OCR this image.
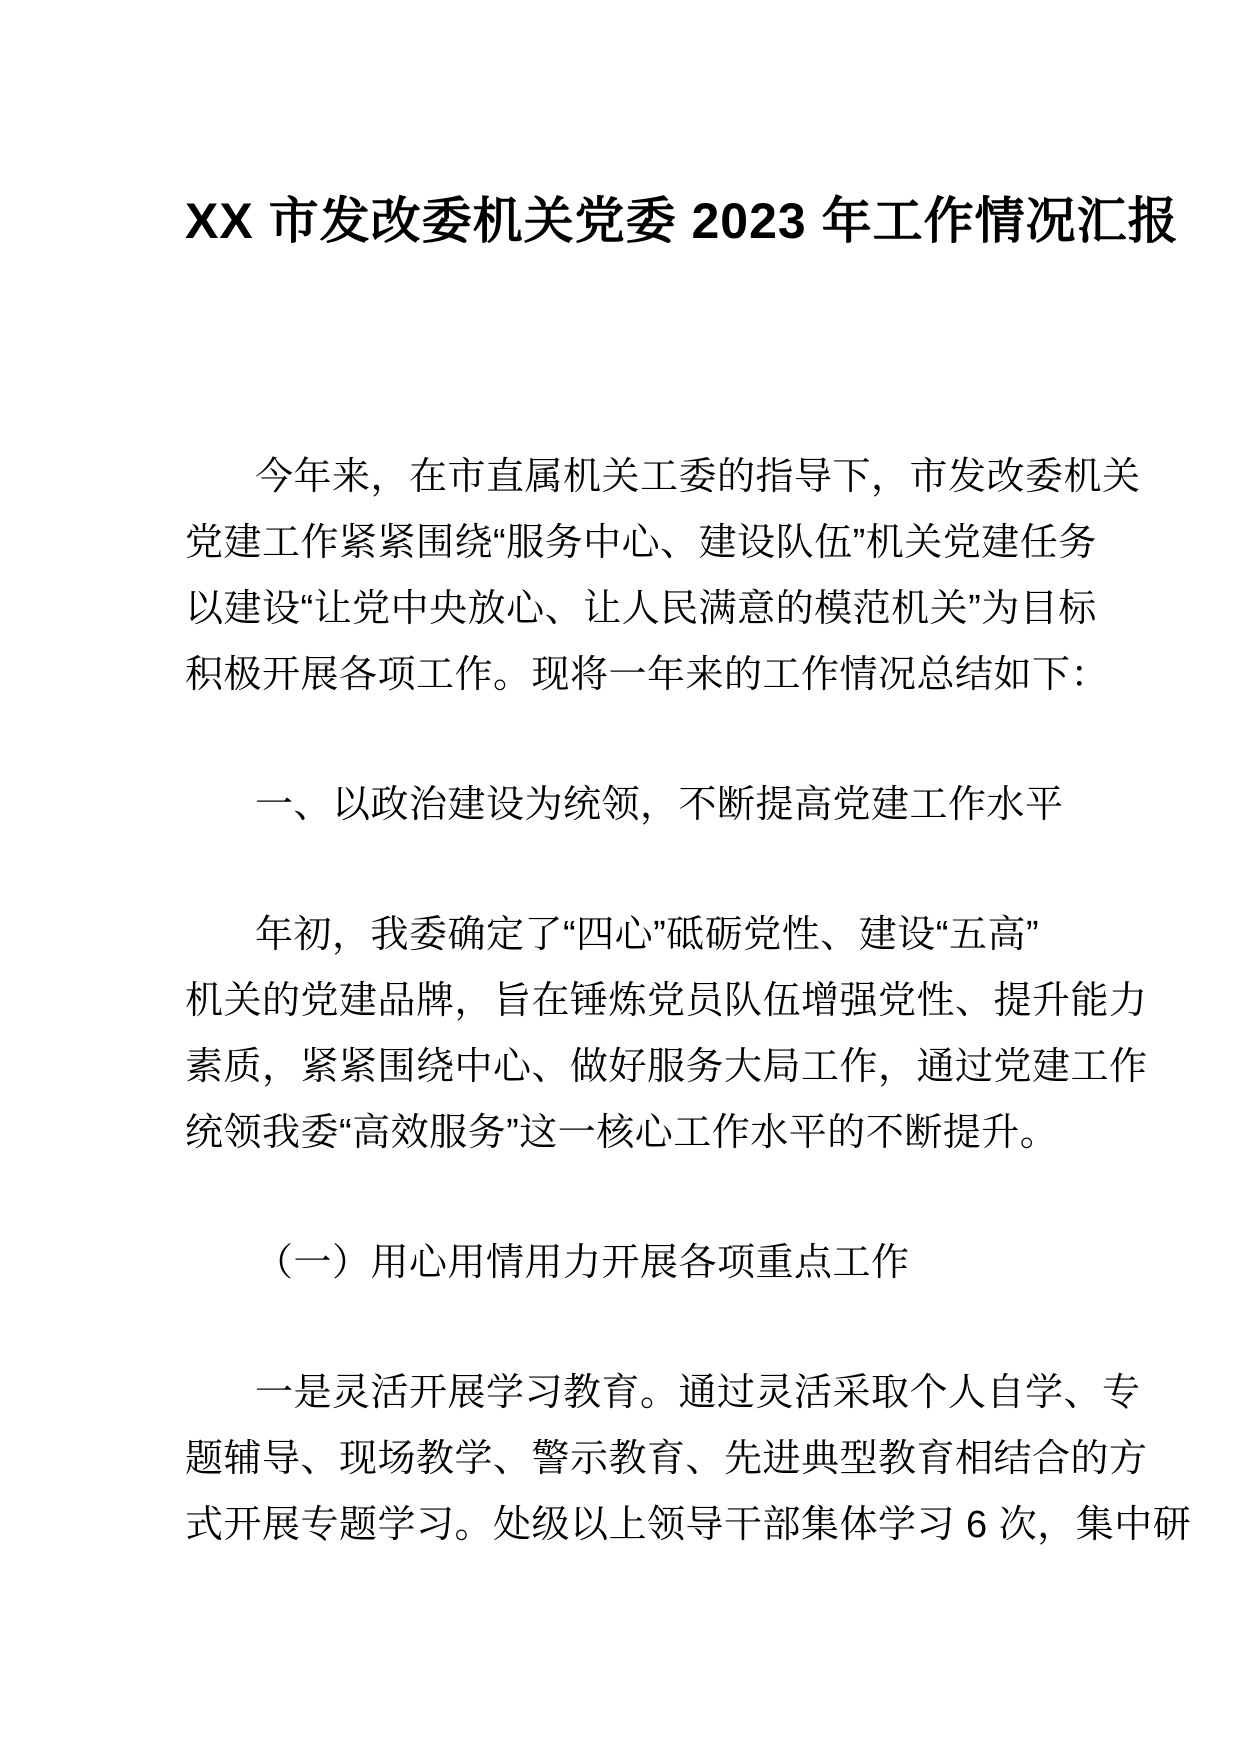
XX 市发改委机关党委 2023 年工作情况汇报
今年来，在市直属机关工委的指导下，市发改委机关
党建工作紧紧围绕“服务中心、建设队伍”机关党建任务
以建设“让党中央放心、让人民满意的模范机关”为目标
积极开展各项工作。现将一年来的工作情况总结如下：
一、以政治建设为统领，不断提高党建工作水平
年初，我委确定了“四心”砥砺党性、建设“五高”
机关的党建品牌，旨在锤炼党员队伍增强党性、提升能力
素质，紧紧围绕中心、做好服务大局工作，通过党建工作
统领我委“高效服务”这一核心工作水平的不断提升。
（一）用心用情用力开展各项重点工作
一是灵活开展学习教育。通过灵活采取个人自学、专
题辅导、现场教学、警示教育、先进典型教育相结合的方
式开展专题学习。处级以上领导干部集体学习 6 次，集中研
